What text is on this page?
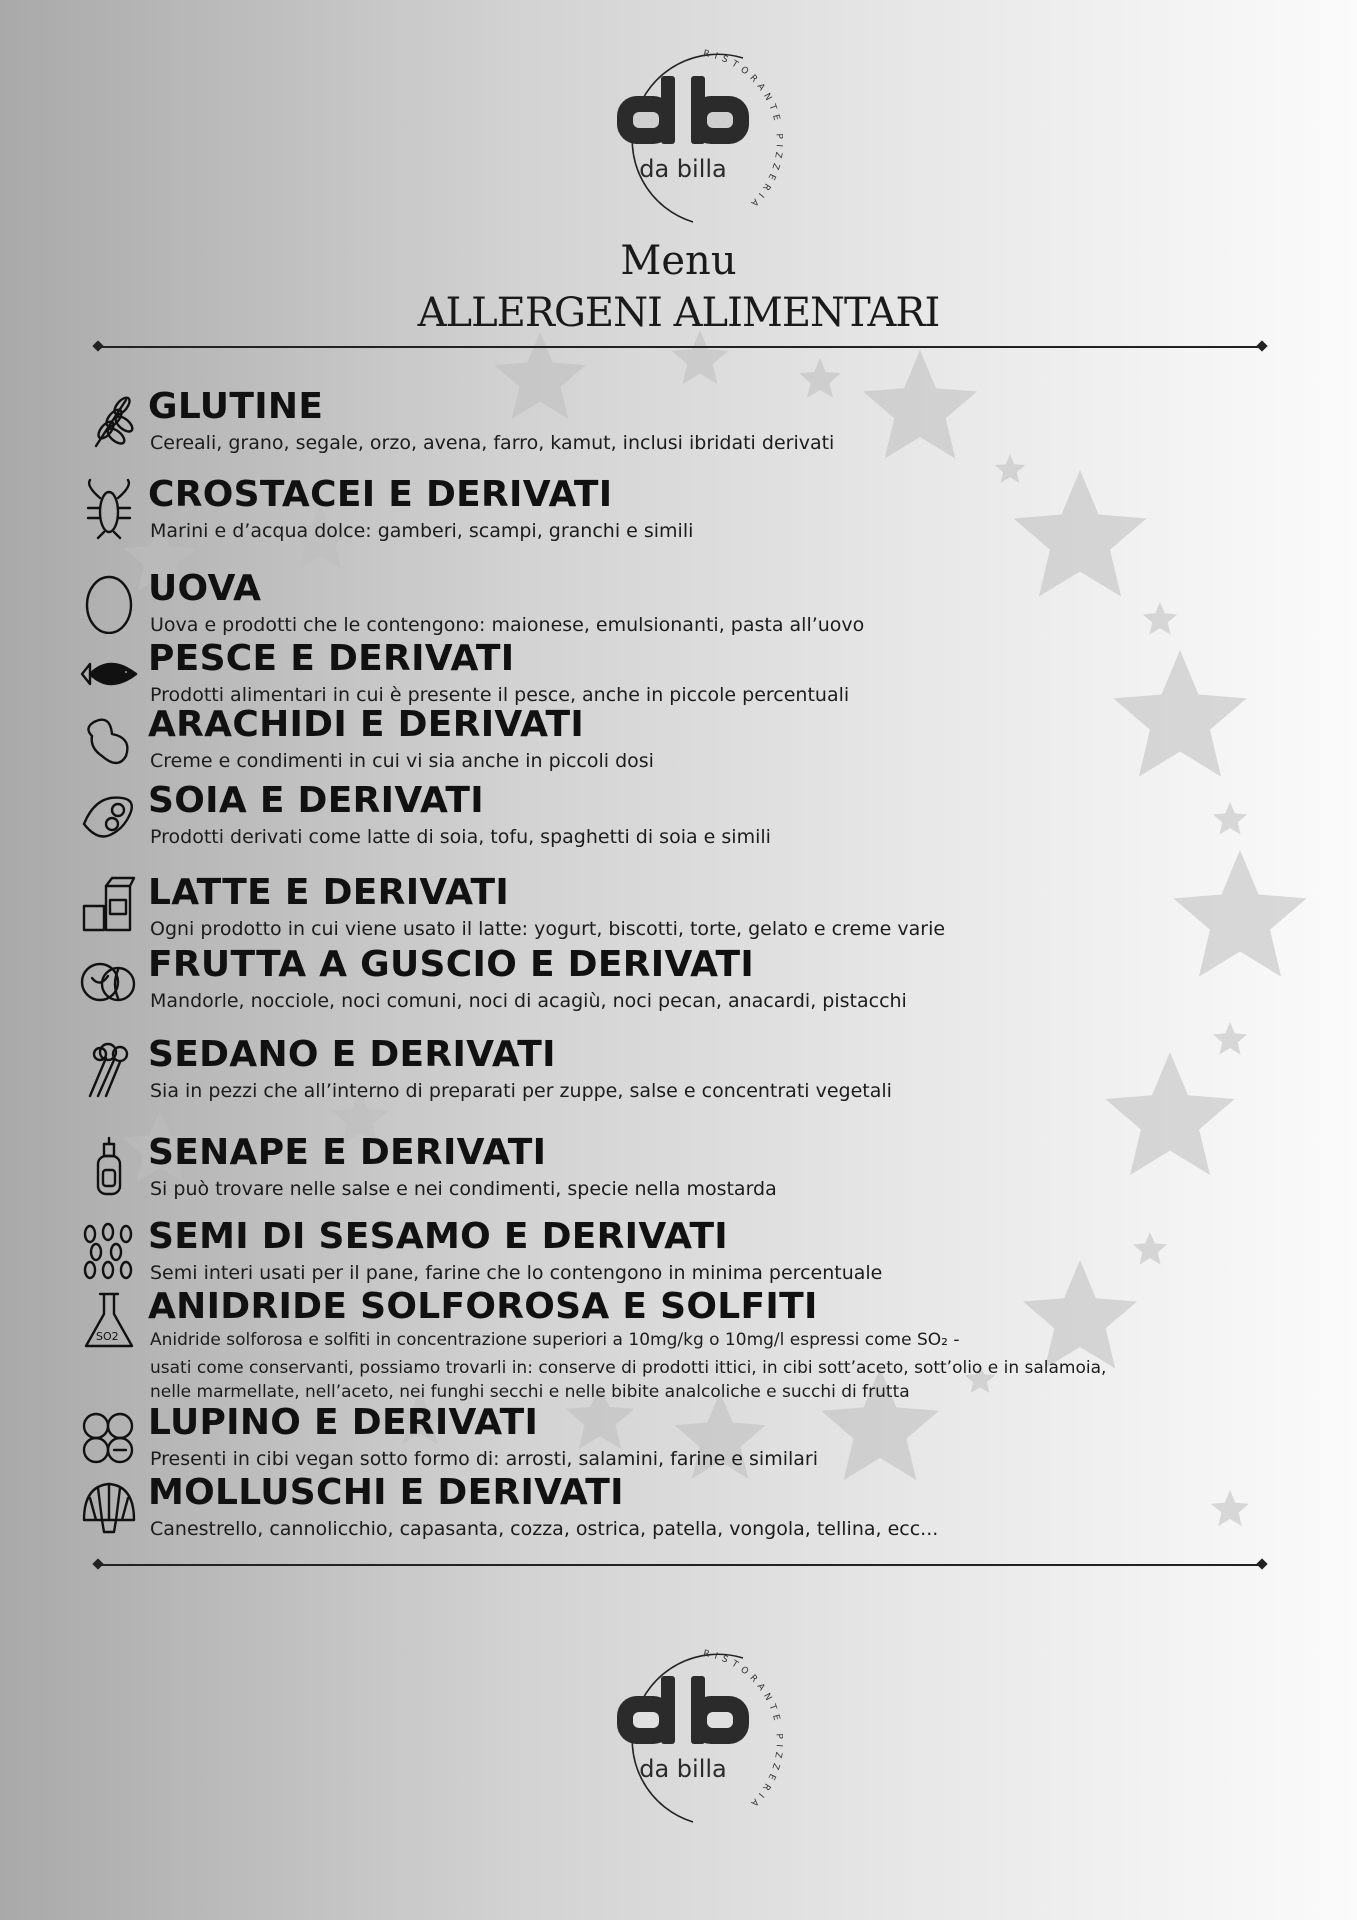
RISTORANTE PIZZERIA
da billa
Menu
ALLERGENI ALIMENTARI
GLUTINE
Cereali, grano, segale, orzo, avena, farro, kamut, inclusi ibridati derivati
CROSTACEI E DERIVATI
Marini e d’acqua dolce: gamberi, scampi, granchi e simili
UOVA
Uova e prodotti che le contengono: maionese, emulsionanti, pasta all’uovo
PESCE E DERIVATI
Prodotti alimentari in cui è presente il pesce, anche in piccole percentuali
ARACHIDI E DERIVATI
Creme e condimenti in cui vi sia anche in piccoli dosi
SOIA E DERIVATI
Prodotti derivati come latte di soia, tofu, spaghetti di soia e simili
LATTE E DERIVATI
Ogni prodotto in cui viene usato il latte: yogurt, biscotti, torte, gelato e creme varie
FRUTTA A GUSCIO E DERIVATI
Mandorle, nocciole, noci comuni, noci di acagiù, noci pecan, anacardi, pistacchi
SEDANO E DERIVATI
Sia in pezzi che all’interno di preparati per zuppe, salse e concentrati vegetali
SENAPE E DERIVATI
Si può trovare nelle salse e nei condimenti, specie nella mostarda
SEMI DI SESAMO E DERIVATI
Semi interi usati per il pane, farine che lo contengono in minima percentuale
SO2
ANIDRIDE SOLFOROSA E SOLFITI
Anidride solforosa e solfiti in concentrazione superiori a 10mg/kg o 10mg/l espressi come SO₂ -
usati come conservanti, possiamo trovarli in: conserve di prodotti ittici, in cibi sott’aceto, sott’olio e in salamoia,
nelle marmellate, nell’aceto, nei funghi secchi e nelle bibite analcoliche e succhi di frutta
LUPINO E DERIVATI
Presenti in cibi vegan sotto formo di: arrosti, salamini, farine e similari
MOLLUSCHI E DERIVATI
Canestrello, cannolicchio, capasanta, cozza, ostrica, patella, vongola, tellina, ecc...
RISTORANTE PIZZERIA
da billa
